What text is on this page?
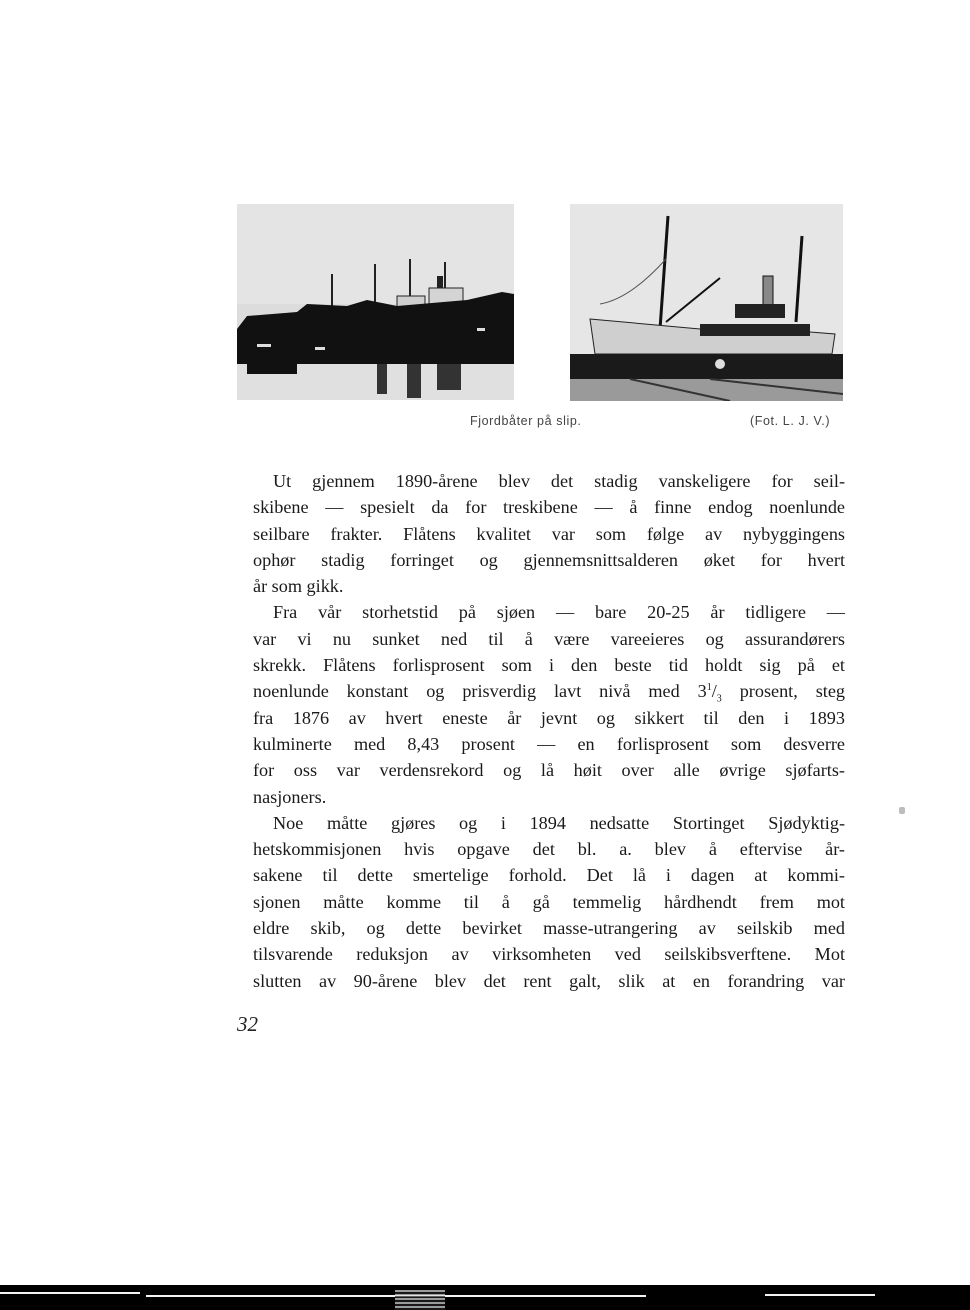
Fjordbåter på slip.	(Fot. L. J. V.)
Ut gjennem 1890-årene blev det stadig vanskeligere for seil-
skibene — spesielt da for treskibene — å finne endog noenlunde
seilbare frakter. Flåtens kvalitet var som følge av nybyggingens
ophør stadig forringet og gjennemsnittsalderen øket for hvert
år som gikk.
Fra vår storhetstid på sjøen — bare 20-25 år tidligere —
var vi nu sunket ned til å være vareeieres og assurandørers
skrekk. Flåtens forlisprosent som i den beste tid holdt sig på et
noenlunde konstant og prisverdig lavt nivå med $3^1/_3$ prosent, steg
fra 1876 av hvert eneste år jevnt og sikkert til den i 1893
kulminerte med 8,43 prosent — en forlisprosent som desverre
for oss var verdensrekord og lå høit over alle øvrige sjøfarts-
nasjoners.
Noe måtte gjøres og i 1894 nedsatte Stortinget Sjødyktig-
hetskommisjonen hvis opgave det bl. a. blev å eftervise år-
sakene til dette smertelige forhold. Det lå i dagen at kommi-
sjonen måtte komme til å gå temmelig hårdhendt frem mot
eldre skib, og dette bevirket masse-utrangering av seilskib med
tilsvarende reduksjon av virksomheten ved seilskibsverftene. Mot
slutten av 90-årene blev det rent galt, slik at en forandring var
32
